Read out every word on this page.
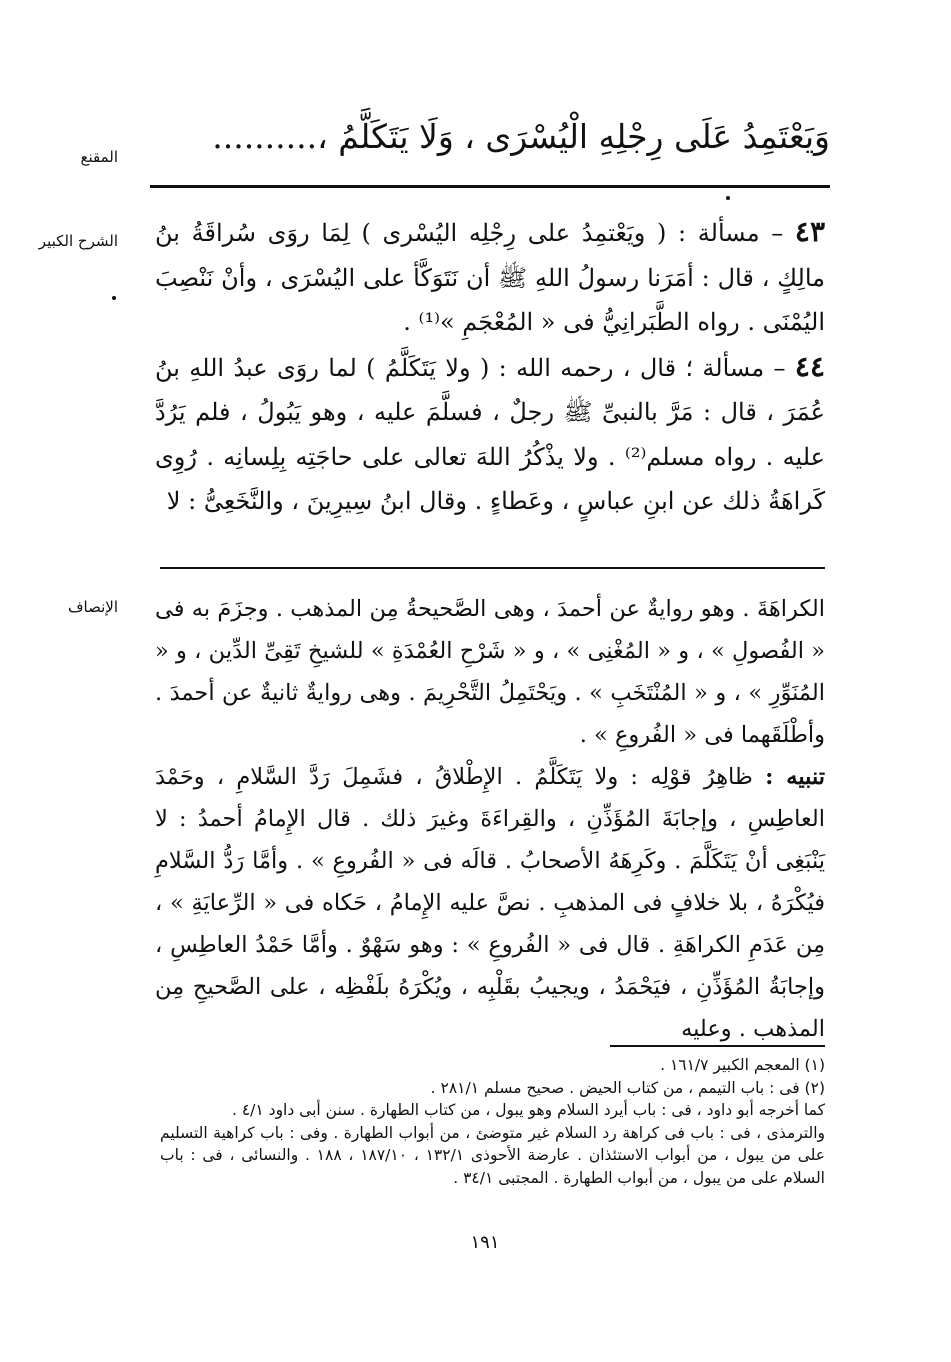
وَيَعْتَمِدُ عَلَى رِجْلِهِ الْيُسْرَى ، وَلَا يَتَكَلَّمُ ،..........
المقنع
الشرح الكبير	٤٣ – مسألة : ( ويَعْتمِدُ على رِجْلِه اليُسْرى ) لِمَا روَى سُراقَةُ بنُ مالِكٍ ، قال : أمَرَنا رسولُ اللهِ ﷺ أن نَتَوَكَّأ على اليُسْرَى ، وأنْ نَنْصِبَ اليُمْنَى . رواه الطَّبَرانِيُّ فى « المُعْجَمِ »⁽¹⁾ .

٤٤ – مسألة ؛ قال ، رحمه الله : ( ولا يَتَكَلَّمُ ) لما روَى عبدُ اللهِ بنُ عُمَرَ ، قال : مَرَّ بالنبىِّ ﷺ رجلٌ ، فسلَّمَ عليه ، وهو يَبُولُ ، فلم يَرُدَّ عليه . رواه مسلم⁽²⁾ . ولا يذْكُرُ اللهَ تعالى على حاجَتِه بِلِسانِه . رُوِى كَراهَةُ ذلك عن ابنِ عباسٍ ، وعَطاءٍ . وقال ابنُ سِيرِينَ ، والنَّخَعِىُّ : لا

الإنصاف الكراهَةَ . وهو روايةٌ عن أحمدَ ، وهى الصَّحيحةُ مِن المذهب . وجزَمَ به فى « الفُصولِ » ، و « المُغْنِى » ، و « شَرْحِ العُمْدَةِ » للشيخِ تَقِىِّ الدِّين ، و « المُنَوِّرِ » ، و « المُنْتَخَبِ » . ويَحْتَمِلُ التَّحْرِيمَ . وهى روايةٌ ثانيةٌ عن أحمدَ . وأطْلَقَهما فى « الفُروعِ » .

تنبيه : ظاهِرُ قوْلِه : ولا يَتَكَلَّمُ . الإِطْلاقُ ، فشَمِلَ رَدَّ السَّلامِ ، وحَمْدَ العاطِسِ ، وإجابَةَ المُؤَذِّنِ ، والقِراءَةَ وغيرَ ذلك . قال الإِمامُ أحمدُ : لا يَنْبَغِى أنْ يَتَكَلَّمَ . وكَرِهَهُ الأصحابُ . قالَه فى « الفُروعِ » . وأمَّا رَدُّ السَّلامِ فيُكْرَهُ ، بلا خلافٍ فى المذهبِ . نصَّ عليه الإِمامُ ، حَكاه فى « الرِّعايَةِ » ، مِن عَدَمِ الكراهَةِ . قال فى « الفُروعِ » : وهو سَهْوٌ . وأمَّا حَمْدُ العاطِسِ ، وإجابَةُ المُؤَذِّنِ ، فيَحْمَدُ ، ويجيبُ بقَلْبِه ، ويُكْرَهُ بلَفْظِه ، على الصَّحيحِ مِن المذهب . وعليه

(١) المعجم الكبير ١٦١/٧ .

(٢) فى : باب التيمم ، من كتاب الحيض . صحيح مسلم ٢٨١/١ .

كما أخرجه أبو داود ، فى : باب أيرد السلام وهو يبول ، من كتاب الطهارة . سنن أبى داود ٤/١ .

والترمذى ، فى : باب فى كراهة رد السلام غير متوضئ ، من أبواب الطهارة . وفى : باب كراهية التسليم على من يبول ، من أبواب الاستئذان . عارضة الأحوذى ١٣٢/١ ، ١٨٧/١٠ ، ١٨٨ . والنسائى ، فى : باب السلام على من يبول ، من أبواب الطهارة . المجتبى ٣٤/١ .

١٩١
